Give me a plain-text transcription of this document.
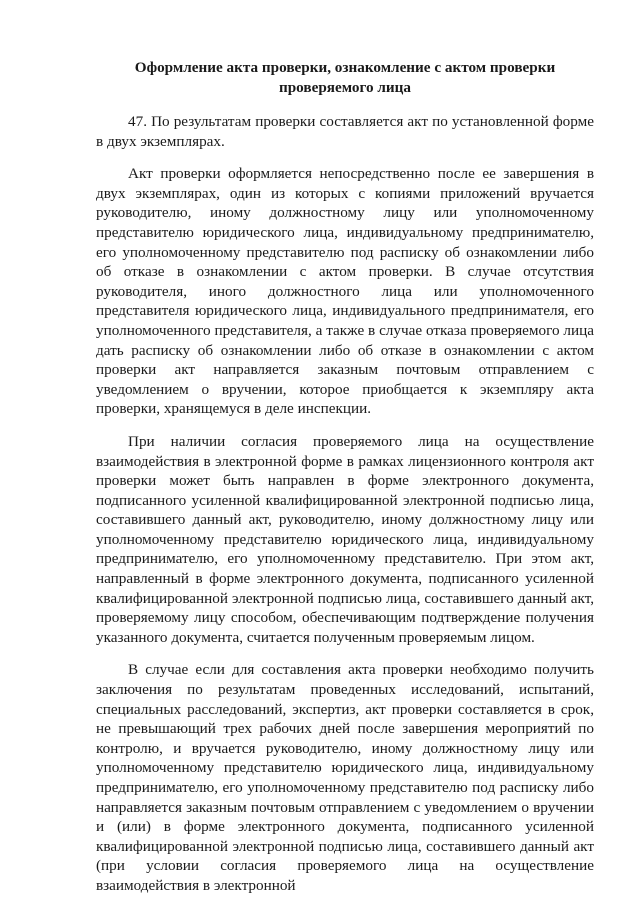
Оформление акта проверки, ознакомление с актом проверки проверяемого лица

47. По результатам проверки составляется акт по установленной форме в двух экземплярах.

Акт проверки оформляется непосредственно после ее завершения в двух экземплярах, один из которых с копиями приложений вручается руководителю, иному должностному лицу или уполномоченному представителю юридического лица, индивидуальному предпринимателю, его уполномоченному представителю под расписку об ознакомлении либо об отказе в ознакомлении с актом проверки. В случае отсутствия руководителя, иного должностного лица или уполномоченного представителя юридического лица, индивидуального предпринимателя, его уполномоченного представителя, а также в случае отказа проверяемого лица дать расписку об ознакомлении либо об отказе в ознакомлении с актом проверки акт направляется заказным почтовым отправлением с уведомлением о вручении, которое приобщается к экземпляру акта проверки, хранящемуся в деле инспекции.

При наличии согласия проверяемого лица на осуществление взаимодействия в электронной форме в рамках лицензионного контроля акт проверки может быть направлен в форме электронного документа, подписанного усиленной квалифицированной электронной подписью лица, составившего данный акт, руководителю, иному должностному лицу или уполномоченному представителю юридического лица, индивидуальному предпринимателю, его уполномоченному представителю. При этом акт, направленный в форме электронного документа, подписанного усиленной квалифицированной электронной подписью лица, составившего данный акт, проверяемому лицу способом, обеспечивающим подтверждение получения указанного документа, считается полученным проверяемым лицом.

В случае если для составления акта проверки необходимо получить заключения по результатам проведенных исследований, испытаний, специальных расследований, экспертиз, акт проверки составляется в срок, не превышающий трех рабочих дней после завершения мероприятий по контролю, и вручается руководителю, иному должностному лицу или уполномоченному представителю юридического лица, индивидуальному предпринимателю, его уполномоченному представителю под расписку либо направляется заказным почтовым отправлением с уведомлением о вручении и (или) в форме электронного документа, подписанного усиленной квалифицированной электронной подписью лица, составившего данный акт (при условии согласия проверяемого лица на осуществление взаимодействия в электронной
